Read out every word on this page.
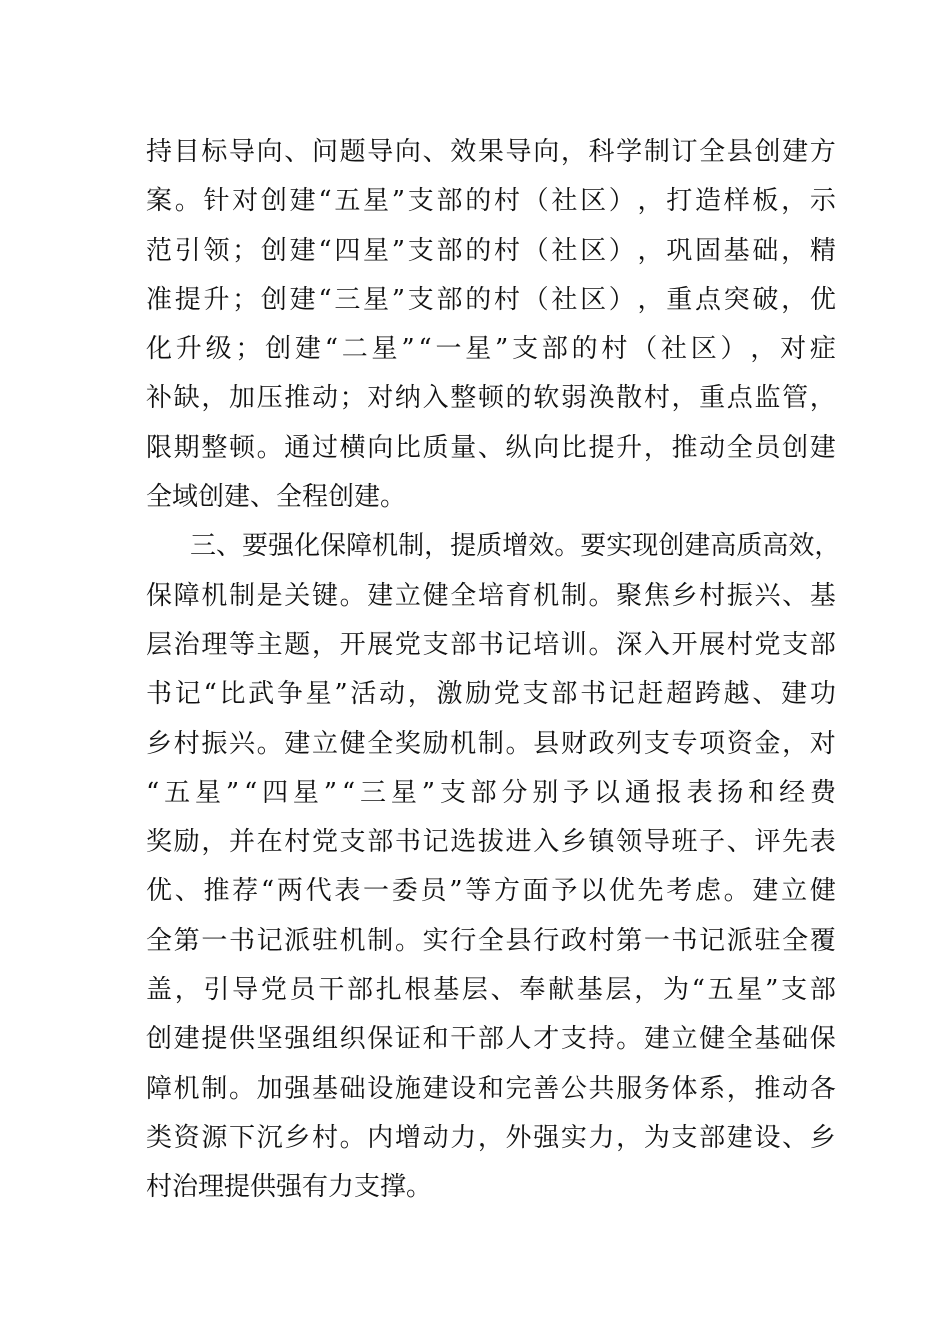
持 目 标 导 向 、 问 题 导 向 、 效 果 导 向 ， 科 学 制 订 全 县 创 建 方
案 。 针 对 创 建 “ 五 星 ” 支 部 的 村 （ 社 区 ） ， 打 造 样 板 ， 示
范 引 领 ； 创 建 “ 四 星 ” 支 部 的 村 （ 社 区 ） ， 巩 固 基 础 ， 精
准 提 升 ； 创 建 “ 三 星 ” 支 部 的 村 （ 社 区 ） ， 重 点 突 破 ， 优
化 升 级 ； 创 建 “ 二 星 ” “ 一 星 ” 支 部 的 村 （ 社 区 ） ， 对 症
补 缺 ， 加 压 推 动 ； 对 纳 入 整 顿 的 软 弱 涣 散 村 ， 重 点 监 管 ，
限 期 整 顿 。 通 过 横 向 比 质 量 、 纵 向 比 提 升 ， 推 动 全 员 创 建
全域创建、全程创建。
三 、 要 强 化 保 障 机 制 ， 提 质 增 效 。 要 实 现 创 建 高 质 高 效 ，
保 障 机 制 是 关 键 。 建 立 健 全 培 育 机 制 。 聚 焦 乡 村 振 兴 、 基
层 治 理 等 主 题 ， 开 展 党 支 部 书 记 培 训 。 深 入 开 展 村 党 支 部
书 记 “ 比 武 争 星 ” 活 动 ， 激 励 党 支 部 书 记 赶 超 跨 越 、 建 功
乡 村 振 兴 。 建 立 健 全 奖 励 机 制 。 县 财 政 列 支 专 项 资 金 ， 对
“ 五 星 ” “ 四 星 ” “ 三 星 ” 支 部 分 别 予 以 通 报 表 扬 和 经 费
奖 励 ， 并 在 村 党 支 部 书 记 选 拔 进 入 乡 镇 领 导 班 子 、 评 先 表
优 、 推 荐 “ 两 代 表 一 委 员 ” 等 方 面 予 以 优 先 考 虑 。 建 立 健
全 第 一 书 记 派 驻 机 制 。 实 行 全 县 行 政 村 第 一 书 记 派 驻 全 覆
盖 ， 引 导 党 员 干 部 扎 根 基 层 、 奉 献 基 层 ， 为 “ 五 星 ” 支 部
创 建 提 供 坚 强 组 织 保 证 和 干 部 人 才 支 持 。 建 立 健 全 基 础 保
障 机 制 。 加 强 基 础 设 施 建 设 和 完 善 公 共 服 务 体 系 ， 推 动 各
类 资 源 下 沉 乡 村 。 内 增 动 力 ， 外 强 实 力 ， 为 支 部 建 设 、 乡
村治理提供强有力支撑。
